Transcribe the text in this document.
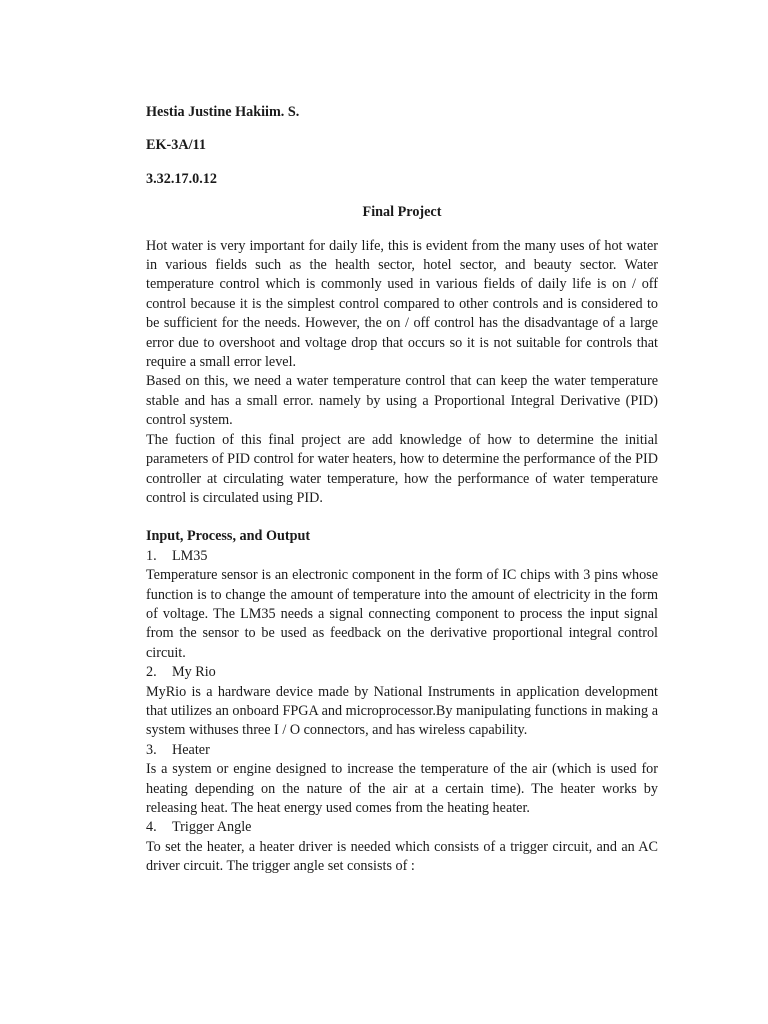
Hestia Justine Hakiim. S.

EK-3A/11

3.32.17.0.12

Final Project

Hot water is very important for daily life, this is evident from the many uses of hot water in various fields such as the health sector, hotel sector, and beauty sector. Water temperature control which is commonly used in various fields of daily life is on / off control because it is the simplest control compared to other controls and is considered to be sufficient for the needs. However, the on / off control has the disadvantage of a large error due to overshoot and voltage drop that occurs so it is not suitable for controls that require a small error level.

Based on this, we need a water temperature control that can keep the water temperature stable and has a small error. namely by using a Proportional Integral Derivative (PID) control system.

The fuction of this final project are add knowledge of how to determine the initial parameters of PID control for water heaters, how to determine the performance of the PID controller at circulating water temperature, how the performance of water temperature control is circulated using PID.

Input, Process, and Output

1.	LM35

Temperature sensor is an electronic component in the form of IC chips with 3 pins whose function is to change the amount of temperature into the amount of electricity in the form of voltage. The LM35 needs a signal connecting component to process the input signal from the sensor to be used as feedback on the derivative proportional integral control circuit.

2.	My Rio

MyRio is a hardware device made by National Instruments in application development that utilizes an onboard FPGA and microprocessor.By manipulating functions in making a system withuses three I / O connectors, and has wireless capability.

3.	Heater

Is a system or engine designed to increase the temperature of the air (which is used for heating depending on the nature of the air at a certain time). The heater works by releasing heat. The heat energy used comes from the heating heater.

4.	Trigger Angle

To set the heater, a heater driver is needed which consists of a trigger circuit, and an AC driver circuit. The trigger angle set consists of :
